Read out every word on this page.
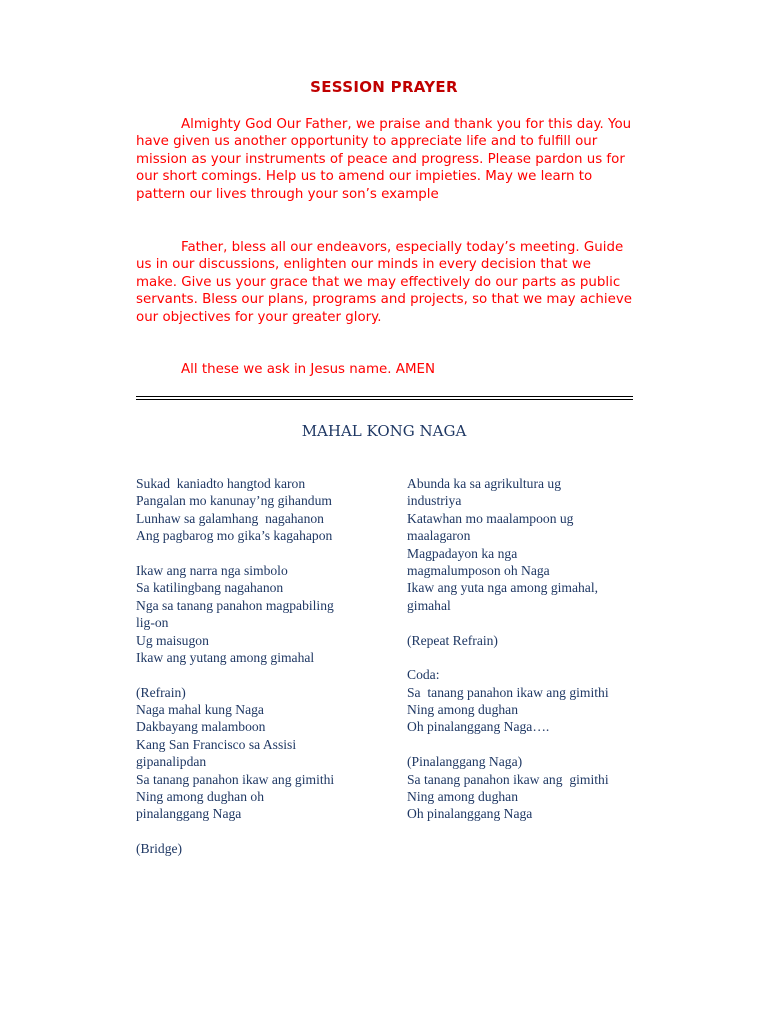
SESSION PRAYER

Almighty God Our Father, we praise and thank you for this day. You have given us another opportunity to appreciate life and to fulfill our mission as your instruments of peace and progress. Please pardon us for our short comings. Help us to amend our impieties. May we learn to pattern our lives through your son’s example

Father, bless all our endeavors, especially today’s meeting. Guide us in our discussions, enlighten our minds in every decision that we make. Give us your grace that we may effectively do our parts as public servants. Bless our plans, programs and projects, so that we may achieve our objectives for your greater glory.

All these we ask in Jesus name. AMEN

MAHAL KONG NAGA
Sukad  kaniadto hangtod karon
Pangalan mo kanunay’ng gihandum
Lunhaw sa galamhang  nagahanon
Ang pagbarog mo gika’s kagahapon
Ikaw ang narra nga simbolo
Sa katilingbang nagahanon
Nga sa tanang panahon magpabiling
lig-on
Ug maisugon
Ikaw ang yutang among gimahal
(Refrain)
Naga mahal kung Naga
Dakbayang malamboon
Kang San Francisco sa Assisi
gipanalipdan
Sa tanang panahon ikaw ang gimithi
Ning among dughan oh
pinalanggang Naga
(Bridge)
Abunda ka sa agrikultura ug
industriya
Katawhan mo maalampoon ug
maalagaron
Magpadayon ka nga
magmalumposon oh Naga
Ikaw ang yuta nga among gimahal,
gimahal
(Repeat Refrain)
Coda:
Sa  tanang panahon ikaw ang gimithi
Ning among dughan
Oh pinalanggang Naga….
(Pinalanggang Naga)
Sa tanang panahon ikaw ang  gimithi
Ning among dughan
Oh pinalanggang Naga
